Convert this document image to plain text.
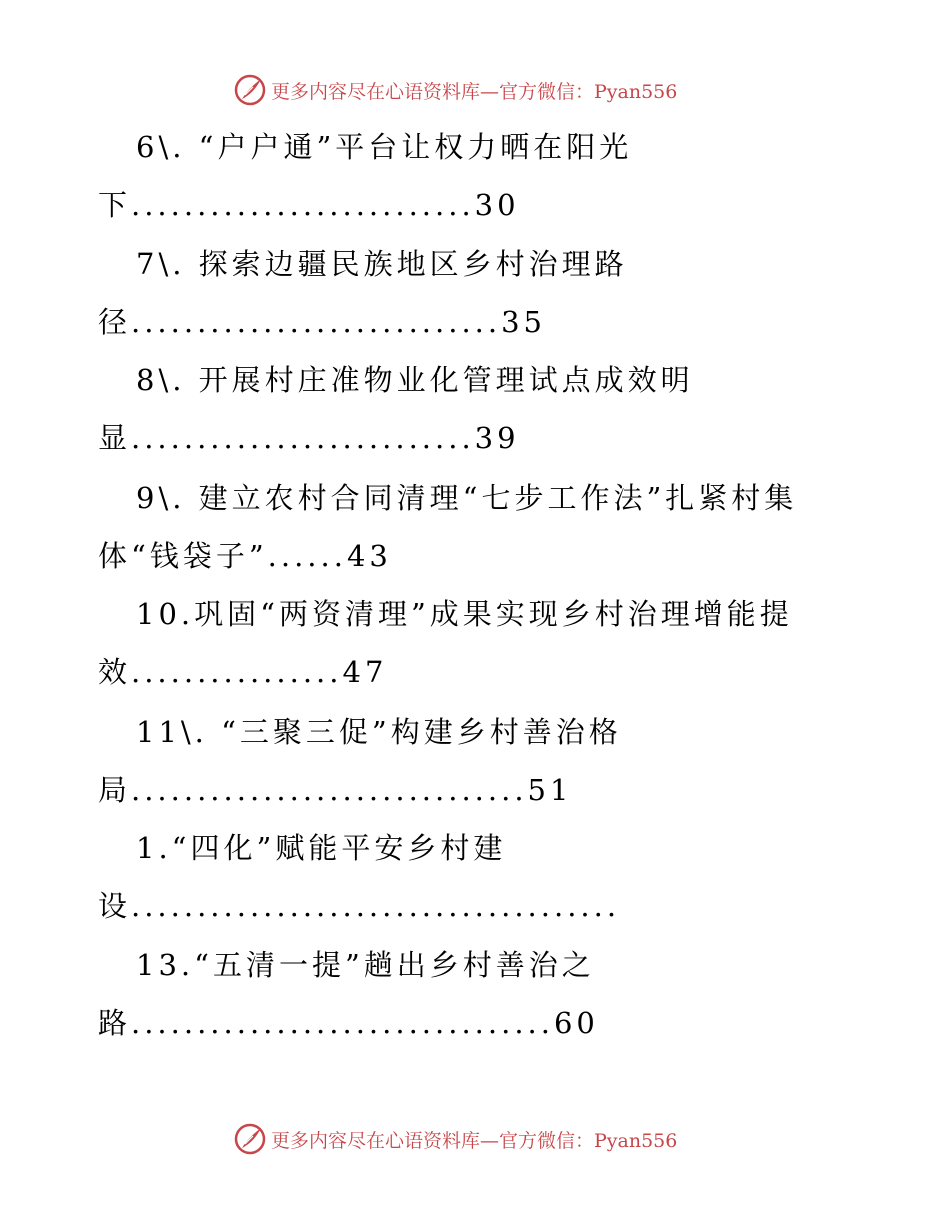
更多内容尽在心语资料库—官方微信：Pyan556
6\. “户户通”平台让权力晒在阳光
下..........................30
7\. 探索边疆民族地区乡村治理路
径............................35
8\. 开展村庄准物业化管理试点成效明
显..........................39
9\. 建立农村合同清理“七步工作法”扎紧村集
体“钱袋子”......43
10.巩固“两资清理”成果实现乡村治理增能提
效................47
11\. “三聚三促”构建乡村善治格
局..............................51
1.“四化”赋能平安乡村建
设.....................................
13.“五清一提”趟出乡村善治之
路................................60
更多内容尽在心语资料库—官方微信：Pyan556
